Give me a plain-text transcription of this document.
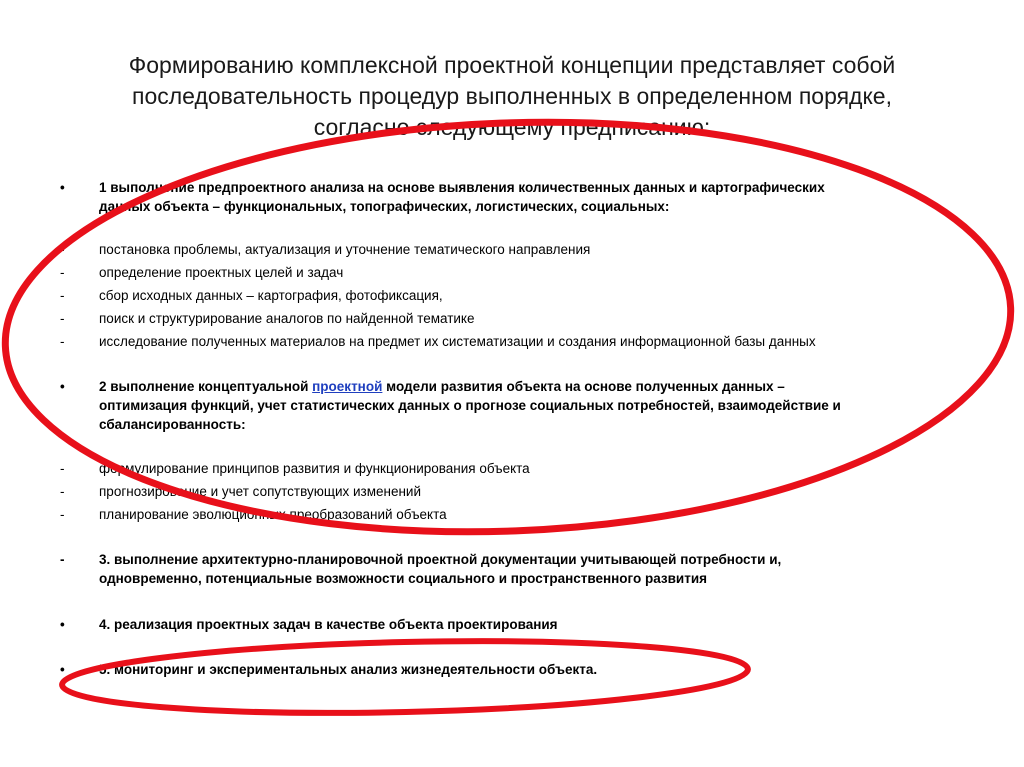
Формированию комплексной проектной концепции представляет собой
последовательность процедур выполненных в определенном порядке,
согласно следующему предписанию:
•	1 выполнение предпроектного анализа на основе выявления количественных данных и картографических
данных объекта – функциональных, топографических, логистических, социальных:
-	постановка проблемы, актуализация и уточнение тематического направления
-	определение проектных целей и задач
-	сбор исходных данных – картография, фотофиксация,
-	поиск и структурирование аналогов по найденной тематике
-	исследование полученных материалов на предмет их систематизации и создания информационной базы данных
•	2 выполнение концептуальной проектной модели развития объекта на основе полученных данных –
оптимизация функций, учет статистических данных о прогнозе социальных потребностей, взаимодействие и
сбалансированность:
-	формулирование принципов развития и функционирования объекта
-	прогнозирование и учет сопутствующих изменений
-	планирование эволюционных преобразований объекта
-	3. выполнение архитектурно-планировочной проектной документации учитывающей потребности и,
одновременно, потенциальные возможности социального и пространственного развития
•	4. реализация проектных задач в качестве объекта проектирования
•	5. мониторинг и экспериментальных анализ жизнедеятельности объекта.
